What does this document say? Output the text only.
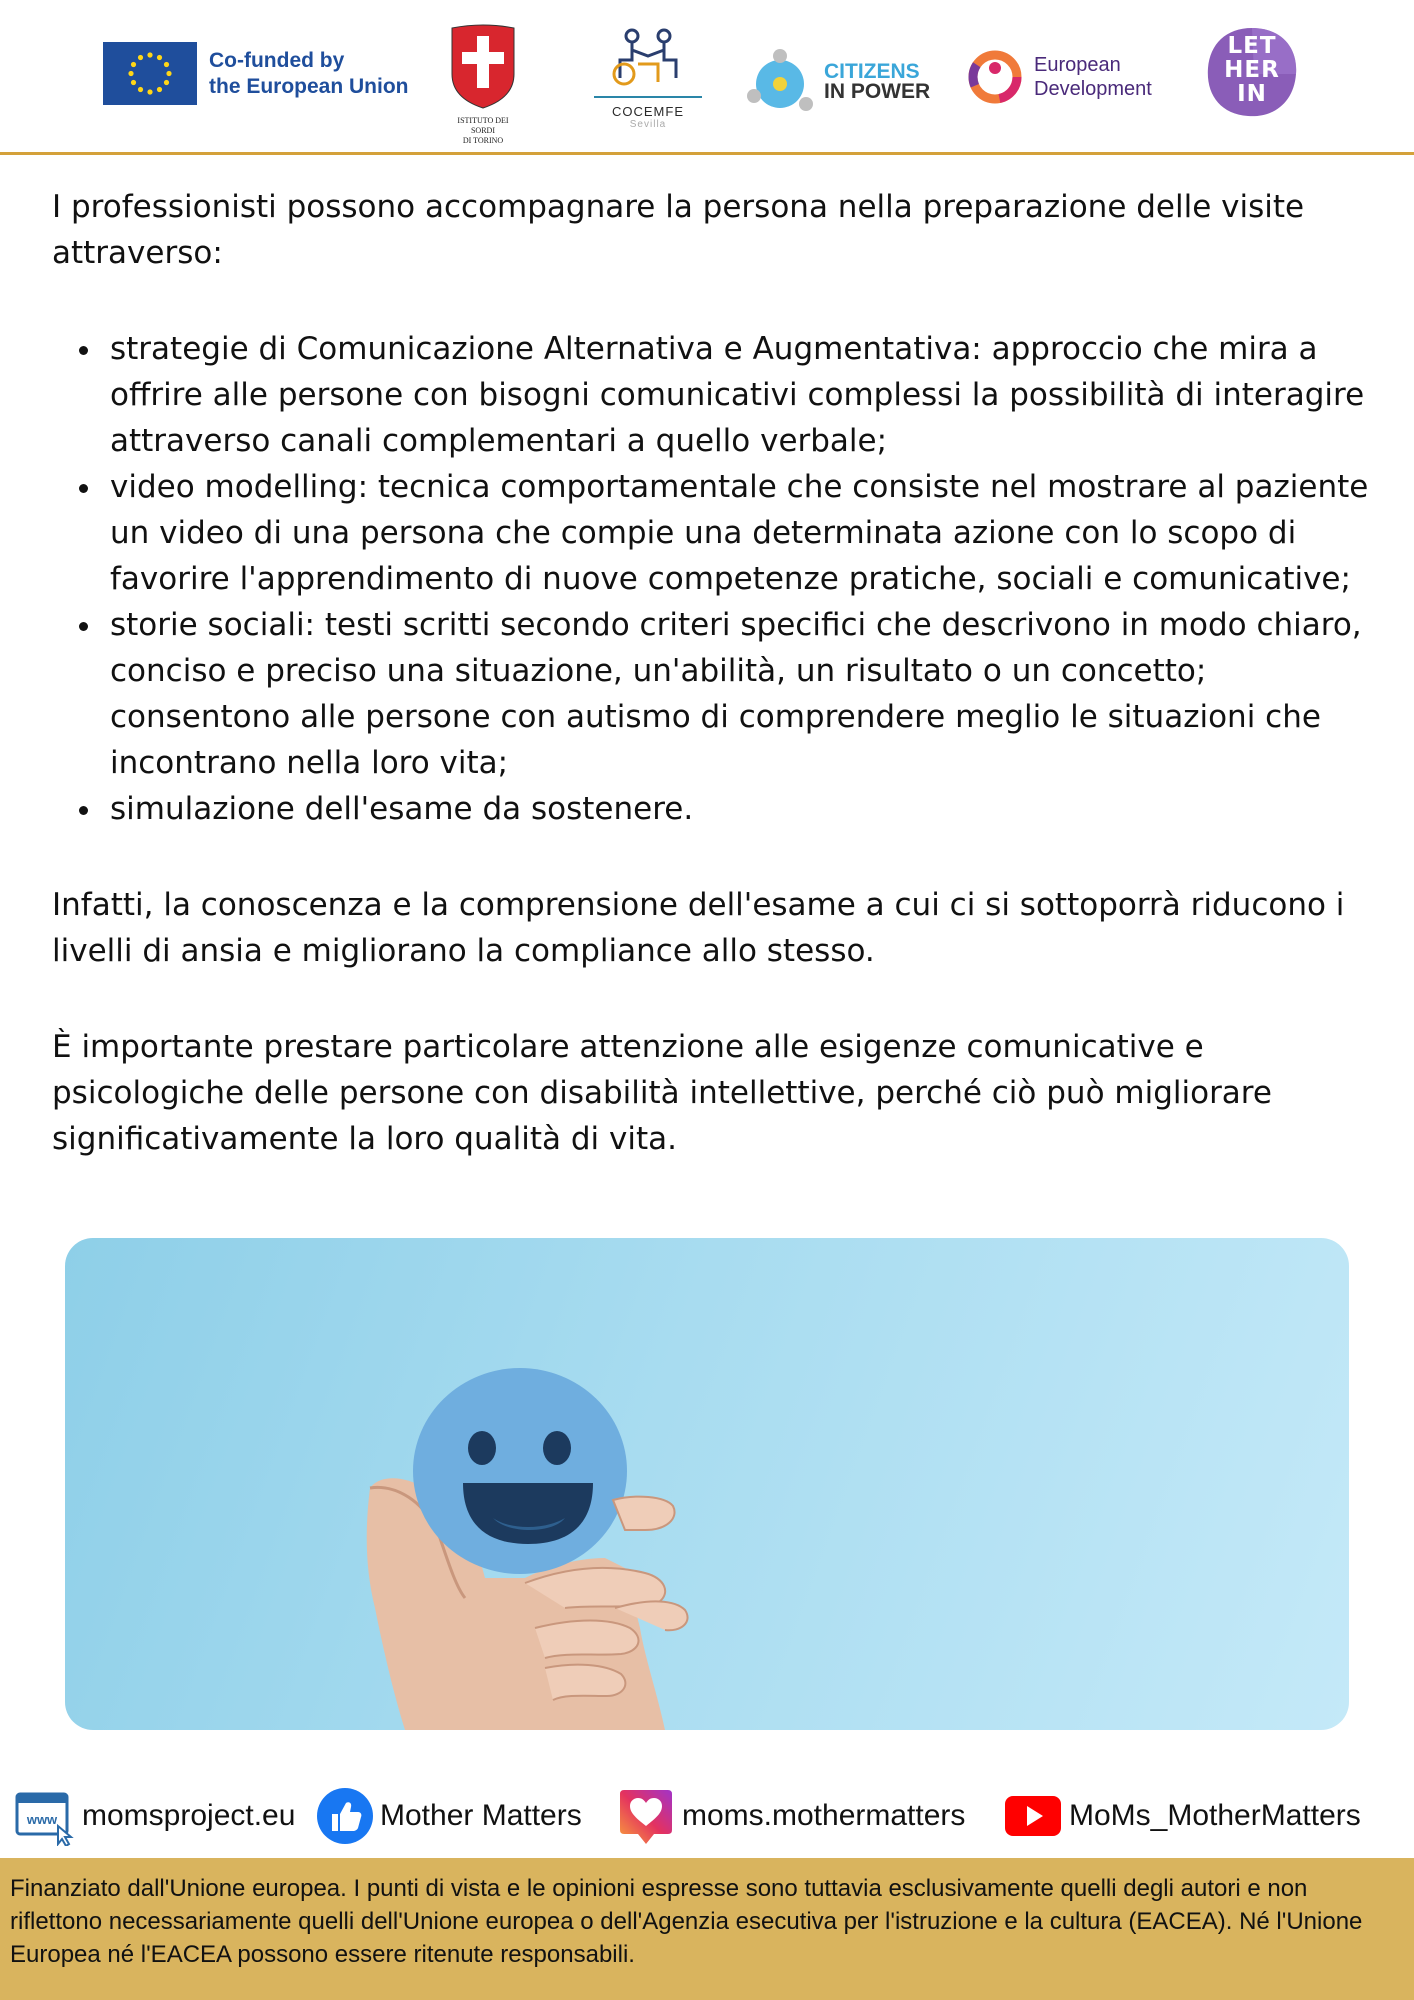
Co-funded by
the European Union
ISTITUTO DEI SORDI
DI TORINO
COCEMFE
Sevilla
CITIZENS
IN POWER
European
Development
LET
HER
IN

I professionisti possono accompagnare la persona nella preparazione delle visite attraverso:

strategie di Comunicazione Alternativa e Augmentativa: approccio che mira a offrire alle persone con bisogni comunicativi complessi la possibilità di interagire attraverso canali complementari a quello verbale;
video modelling: tecnica comportamentale che consiste nel mostrare al paziente un video di una persona che compie una determinata azione con lo scopo di favorire l'apprendimento di nuove competenze pratiche, sociali e comunicative;
storie sociali: testi scritti secondo criteri specifici che descrivono in modo chiaro, conciso e preciso una situazione, un'abilità, un risultato o un concetto; consentono alle persone con autismo di comprendere meglio le situazioni che incontrano nella loro vita;
simulazione dell'esame da sostenere.

Infatti, la conoscenza e la comprensione dell'esame a cui ci si sottoporrà riducono i livelli di ansia e migliorano la compliance allo stesso.

È importante prestare particolare attenzione alle esigenze comunicative e psicologiche delle persone con disabilità intellettive, perché ciò può migliorare significativamente la loro qualità di vita.

www momsproject.eu	Mother Matters	moms.mothermatters	MoMs_MotherMatters

Finanziato dall'Unione europea. I punti di vista e le opinioni espresse sono tuttavia esclusivamente quelli degli autori e non riflettono necessariamente quelli dell'Unione europea o dell'Agenzia esecutiva per l'istruzione e la cultura (EACEA). Né l'Unione Europea né l'EACEA possono essere ritenute responsabili.
